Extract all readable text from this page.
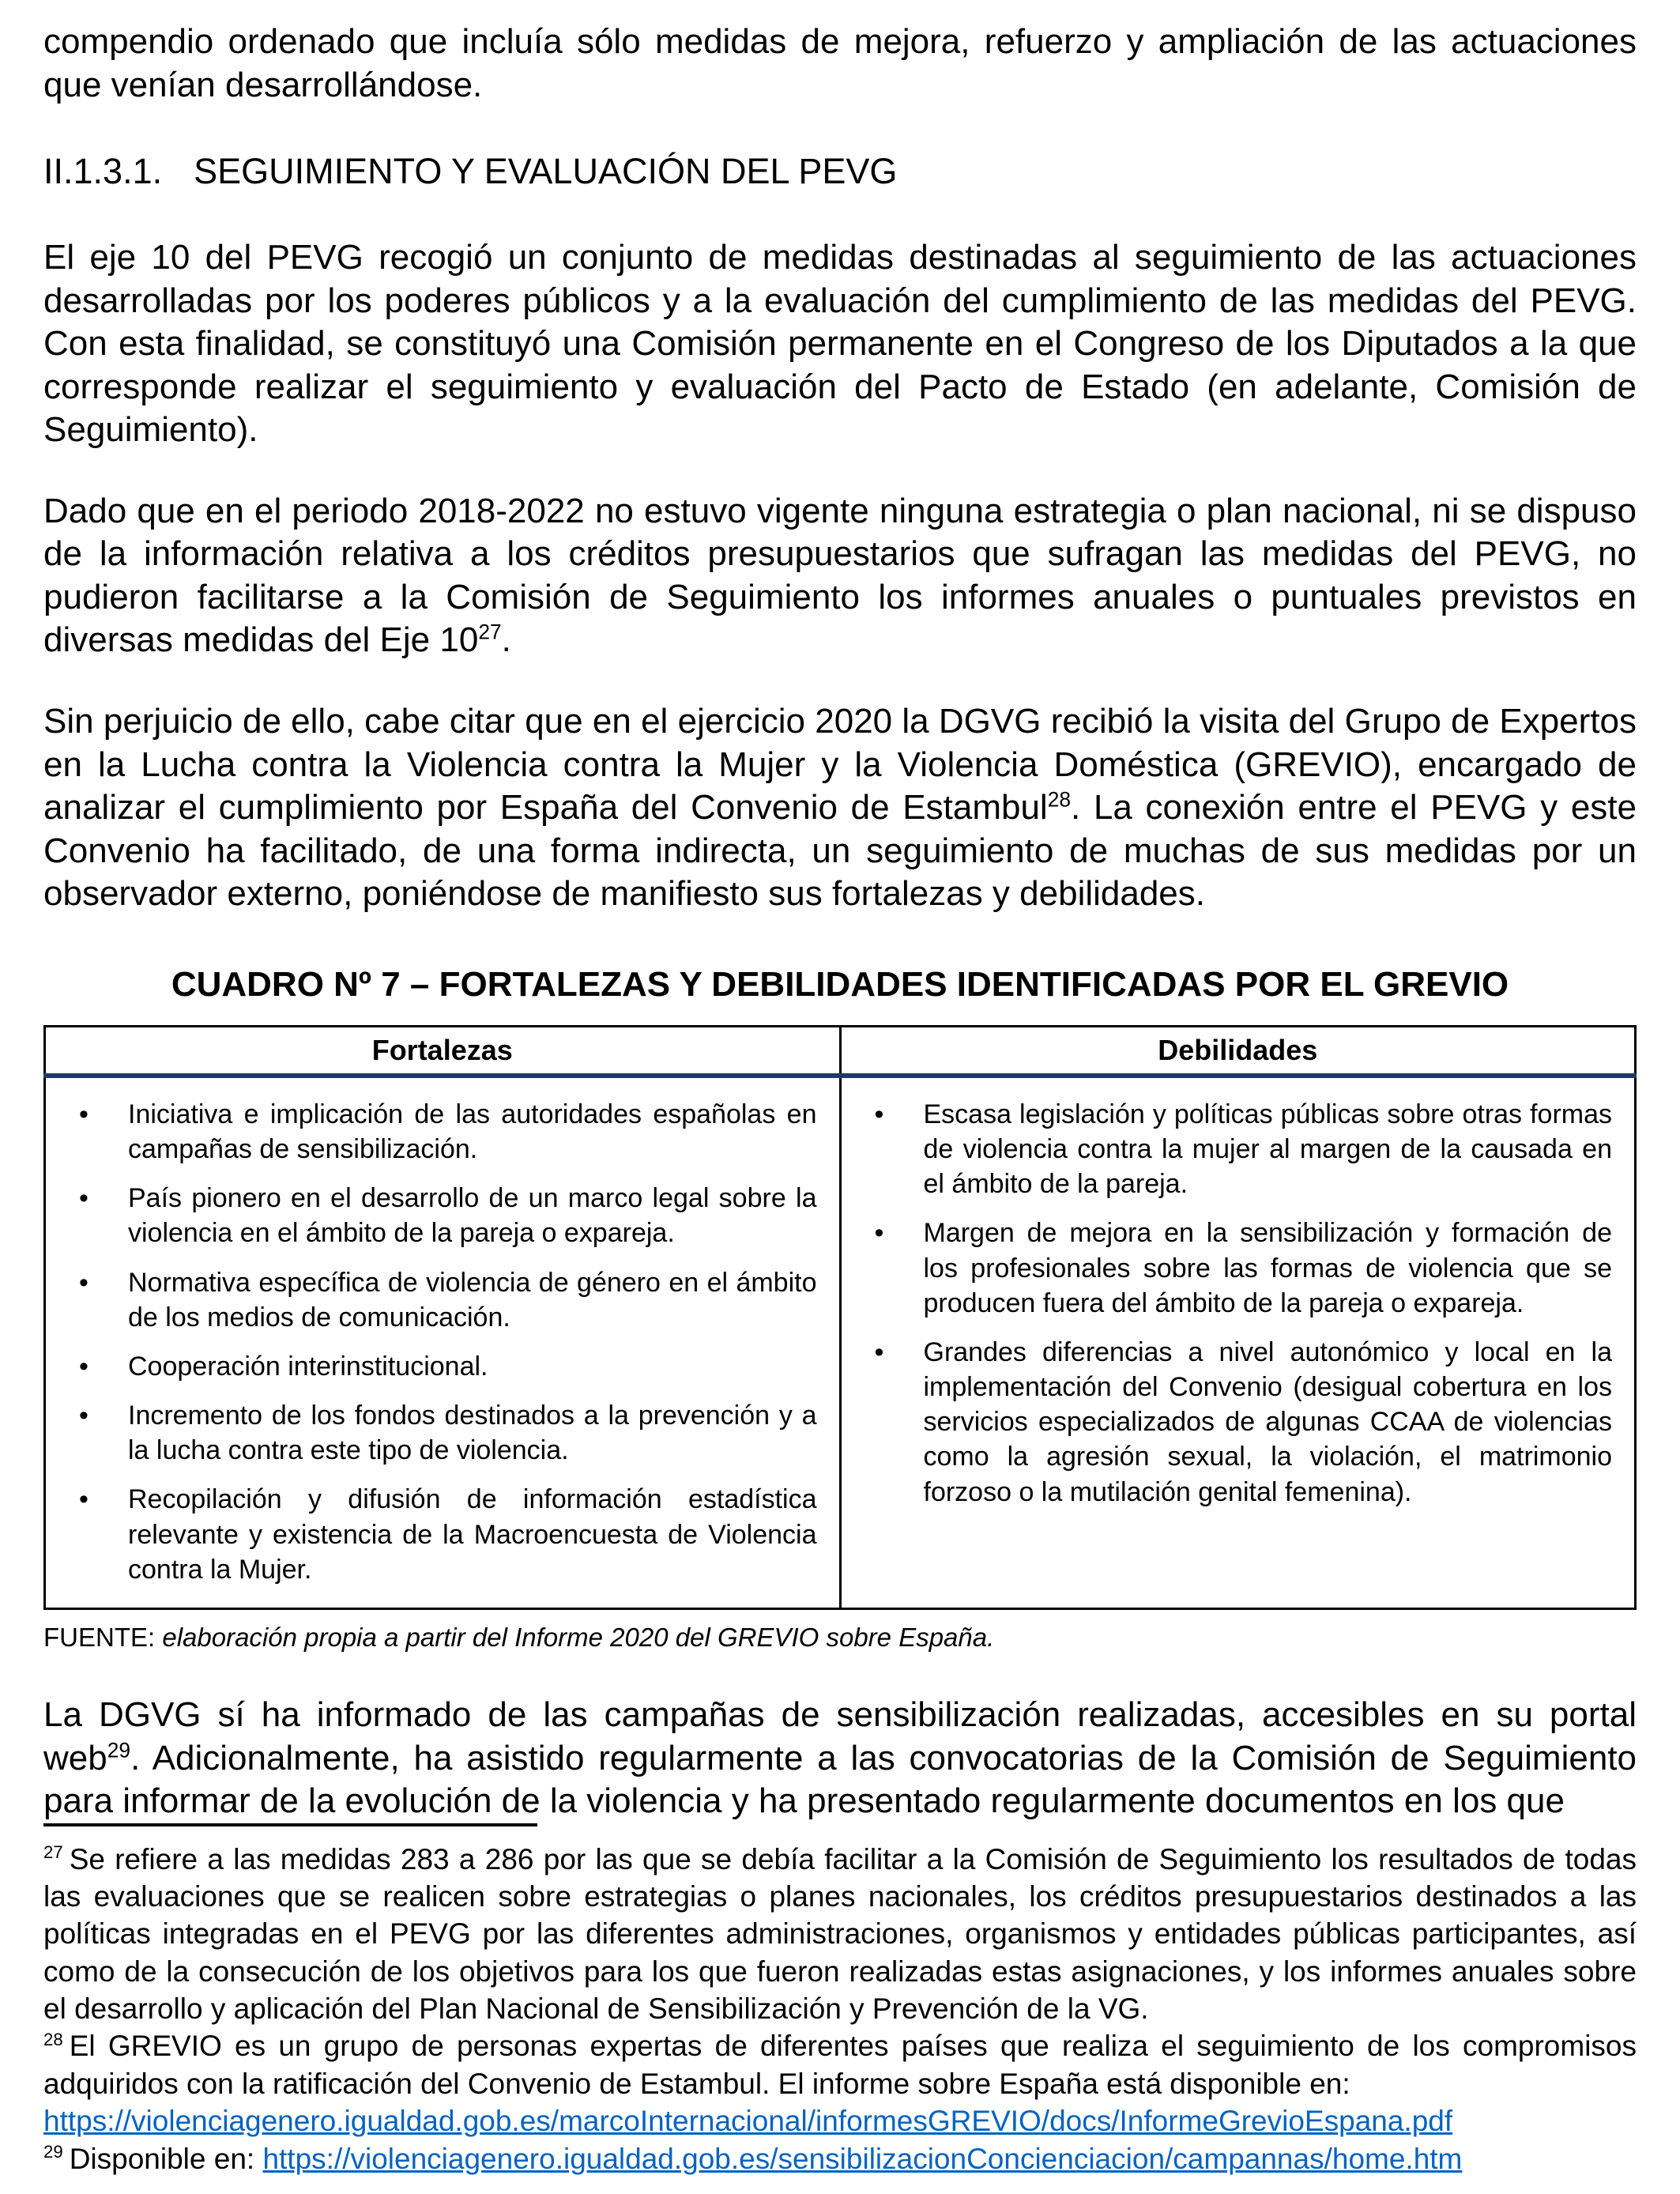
compendio ordenado que incluía sólo medidas de mejora, refuerzo y ampliación de las actuaciones que venían desarrollándose.

II.1.3.1. SEGUIMIENTO Y EVALUACIÓN DEL PEVG

El eje 10 del PEVG recogió un conjunto de medidas destinadas al seguimiento de las actuaciones desarrolladas por los poderes públicos y a la evaluación del cumplimiento de las medidas del PEVG. Con esta finalidad, se constituyó una Comisión permanente en el Congreso de los Diputados a la que corresponde realizar el seguimiento y evaluación del Pacto de Estado (en adelante, Comisión de Seguimiento).

Dado que en el periodo 2018-2022 no estuvo vigente ninguna estrategia o plan nacional, ni se dispuso de la información relativa a los créditos presupuestarios que sufragan las medidas del PEVG, no pudieron facilitarse a la Comisión de Seguimiento los informes anuales o puntuales previstos en diversas medidas del Eje 10$^{27}$.

Sin perjuicio de ello, cabe citar que en el ejercicio 2020 la DGVG recibió la visita del Grupo de Expertos en la Lucha contra la Violencia contra la Mujer y la Violencia Doméstica (GREVIO), encargado de analizar el cumplimiento por España del Convenio de Estambul$^{28}$. La conexión entre el PEVG y este Convenio ha facilitado, de una forma indirecta, un seguimiento de muchas de sus medidas por un observador externo, poniéndose de manifiesto sus fortalezas y debilidades.

CUADRO Nº 7 – FORTALEZAS Y DEBILIDADES IDENTIFICADAS POR EL GREVIO
Fortalezas	Debilidades

•	Iniciativa e implicación de las autoridades españolas en campañas de sensibilización.
•	País pionero en el desarrollo de un marco legal sobre la violencia en el ámbito de la pareja o expareja.
•	Normativa específica de violencia de género en el ámbito de los medios de comunicación.
•	Cooperación interinstitucional.
•	Incremento de los fondos destinados a la prevención y a la lucha contra este tipo de violencia.
•	Recopilación y difusión de información estadística relevante y existencia de la Macroencuesta de Violencia contra la Mujer.

•	Escasa legislación y políticas públicas sobre otras formas de violencia contra la mujer al margen de la causada en el ámbito de la pareja.
•	Margen de mejora en la sensibilización y formación de los profesionales sobre las formas de violencia que se producen fuera del ámbito de la pareja o expareja.
•	Grandes diferencias a nivel autonómico y local en la implementación del Convenio (desigual cobertura en los servicios especializados de algunas CCAA de violencias como la agresión sexual, la violación, el matrimonio forzoso o la mutilación genital femenina).

FUENTE: elaboración propia a partir del Informe 2020 del GREVIO sobre España.

La DGVG sí ha informado de las campañas de sensibilización realizadas, accesibles en su portal web$^{29}$. Adicionalmente, ha asistido regularmente a las convocatorias de la Comisión de Seguimiento para informar de la evolución de la violencia y ha presentado regularmente documentos en los que

$^{27}$ Se refiere a las medidas 283 a 286 por las que se debía facilitar a la Comisión de Seguimiento los resultados de todas las evaluaciones que se realicen sobre estrategias o planes nacionales, los créditos presupuestarios destinados a las políticas integradas en el PEVG por las diferentes administraciones, organismos y entidades públicas participantes, así como de la consecución de los objetivos para los que fueron realizadas estas asignaciones, y los informes anuales sobre el desarrollo y aplicación del Plan Nacional de Sensibilización y Prevención de la VG.

$^{28}$ El GREVIO es un grupo de personas expertas de diferentes países que realiza el seguimiento de los compromisos adquiridos con la ratificación del Convenio de Estambul. El informe sobre España está disponible en:

https://violenciagenero.igualdad.gob.es/marcoInternacional/informesGREVIO/docs/InformeGrevioEspana.pdf

$^{29}$ Disponible en: https://violenciagenero.igualdad.gob.es/sensibilizacionConcienciacion/campannas/home.htm
